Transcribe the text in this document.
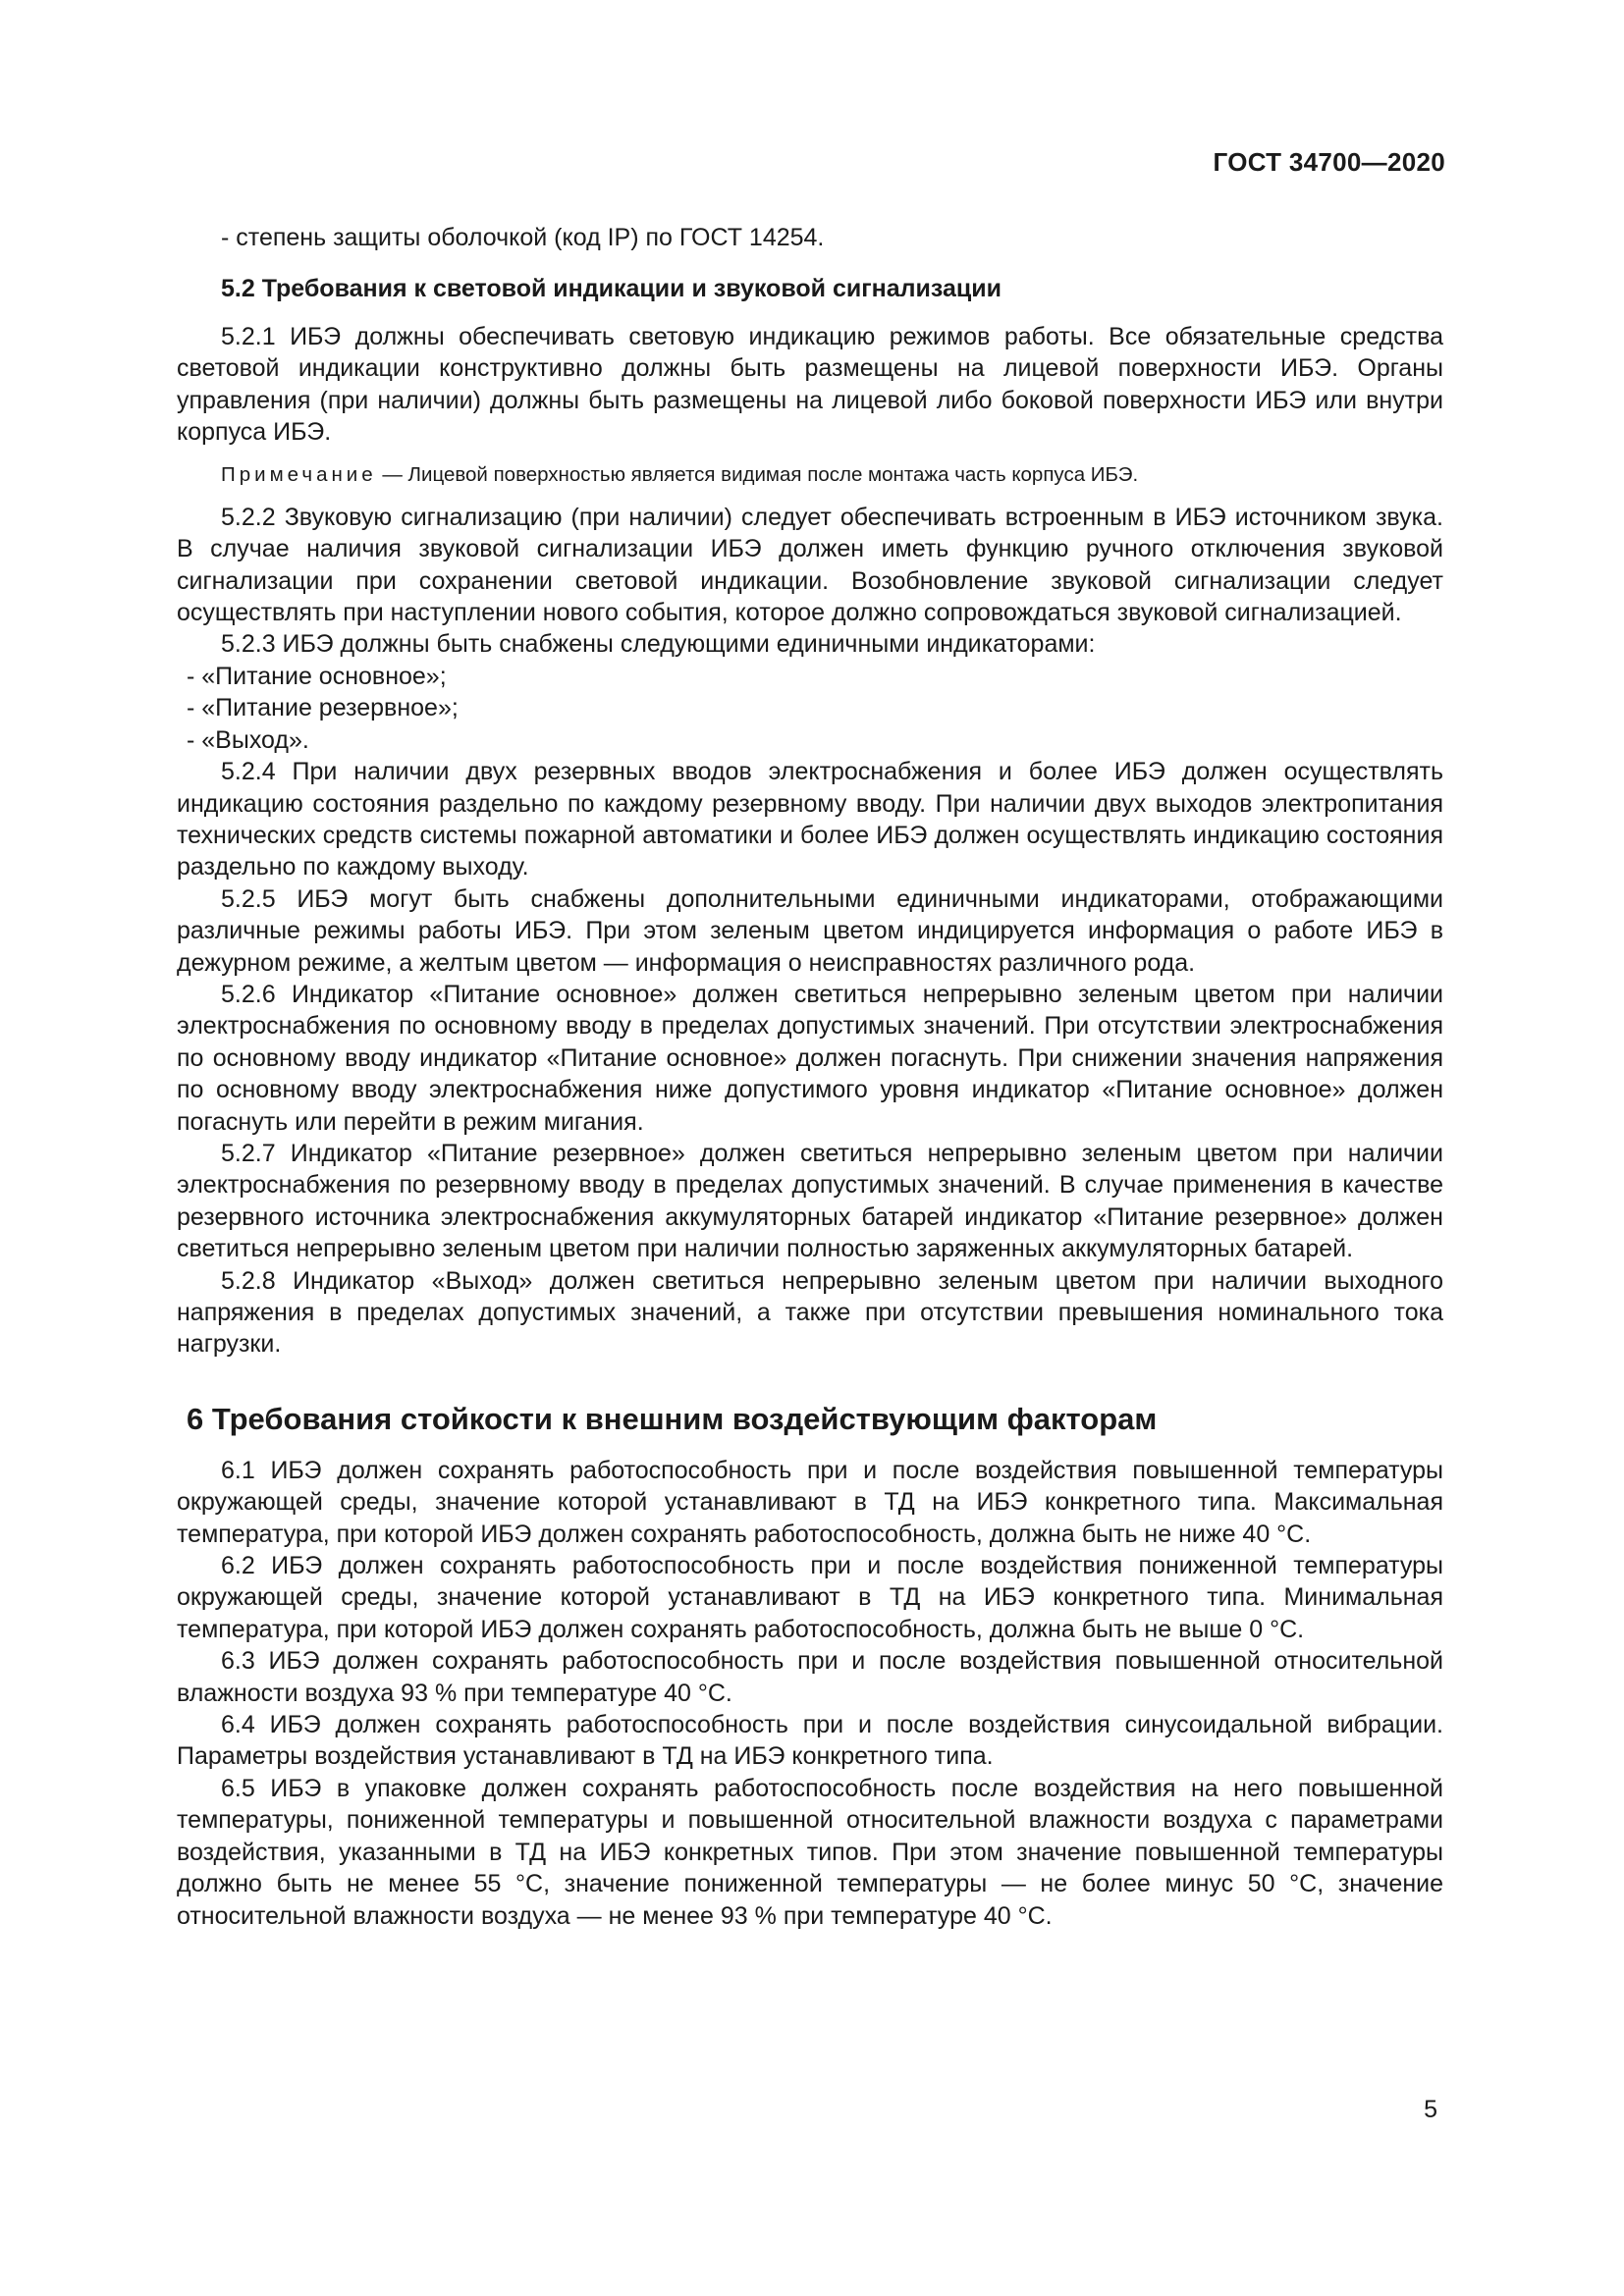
ГОСТ 34700—2020

- степень защиты оболочкой (код IP) по ГОСТ 14254.

5.2 Требования к световой индикации и звуковой сигнализации

5.2.1 ИБЭ должны обеспечивать световую индикацию режимов работы. Все обязательные средства световой индикации конструктивно должны быть размещены на лицевой поверхности ИБЭ. Органы управления (при наличии) должны быть размещены на лицевой либо боковой поверхности ИБЭ или внутри корпуса ИБЭ.

Примечание — Лицевой поверхностью является видимая после монтажа часть корпуса ИБЭ.

5.2.2 Звуковую сигнализацию (при наличии) следует обеспечивать встроенным в ИБЭ источником звука. В случае наличия звуковой сигнализации ИБЭ должен иметь функцию ручного отключения звуковой сигнализации при сохранении световой индикации. Возобновление звуковой сигнализации следует осуществлять при наступлении нового события, которое должно сопровождаться звуковой сигнализацией.

5.2.3 ИБЭ должны быть снабжены следующими единичными индикаторами:

- «Питание основное»;

- «Питание резервное»;

- «Выход».

5.2.4 При наличии двух резервных вводов электроснабжения и более ИБЭ должен осуществлять индикацию состояния раздельно по каждому резервному вводу. При наличии двух выходов электропитания технических средств системы пожарной автоматики и более ИБЭ должен осуществлять индикацию состояния раздельно по каждому выходу.

5.2.5 ИБЭ могут быть снабжены дополнительными единичными индикаторами, отображающими различные режимы работы ИБЭ. При этом зеленым цветом индицируется информация о работе ИБЭ в дежурном режиме, а желтым цветом — информация о неисправностях различного рода.

5.2.6 Индикатор «Питание основное» должен светиться непрерывно зеленым цветом при наличии электроснабжения по основному вводу в пределах допустимых значений. При отсутствии электроснабжения по основному вводу индикатор «Питание основное» должен погаснуть. При снижении значения напряжения по основному вводу электроснабжения ниже допустимого уровня индикатор «Питание основное» должен погаснуть или перейти в режим мигания.

5.2.7 Индикатор «Питание резервное» должен светиться непрерывно зеленым цветом при наличии электроснабжения по резервному вводу в пределах допустимых значений. В случае применения в качестве резервного источника электроснабжения аккумуляторных батарей индикатор «Питание резервное» должен светиться непрерывно зеленым цветом при наличии полностью заряженных аккумуляторных батарей.

5.2.8 Индикатор «Выход» должен светиться непрерывно зеленым цветом при наличии выходного напряжения в пределах допустимых значений, а также при отсутствии превышения номинального тока нагрузки.

6 Требования стойкости к внешним воздействующим факторам

6.1 ИБЭ должен сохранять работоспособность при и после воздействия повышенной температуры окружающей среды, значение которой устанавливают в ТД на ИБЭ конкретного типа. Максимальная температура, при которой ИБЭ должен сохранять работоспособность, должна быть не ниже 40 °С.

6.2 ИБЭ должен сохранять работоспособность при и после воздействия пониженной температуры окружающей среды, значение которой устанавливают в ТД на ИБЭ конкретного типа. Минимальная температура, при которой ИБЭ должен сохранять работоспособность, должна быть не выше 0 °С.

6.3 ИБЭ должен сохранять работоспособность при и после воздействия повышенной относительной влажности воздуха 93 % при температуре 40 °С.

6.4 ИБЭ должен сохранять работоспособность при и после воздействия синусоидальной вибрации. Параметры воздействия устанавливают в ТД на ИБЭ конкретного типа.

6.5 ИБЭ в упаковке должен сохранять работоспособность после воздействия на него повышенной температуры, пониженной температуры и повышенной относительной влажности воздуха с параметрами воздействия, указанными в ТД на ИБЭ конкретных типов. При этом значение повышенной температуры должно быть не менее 55 °С, значение пониженной температуры — не более минус 50 °С, значение относительной влажности воздуха — не менее 93 % при температуре 40 °С.

5
